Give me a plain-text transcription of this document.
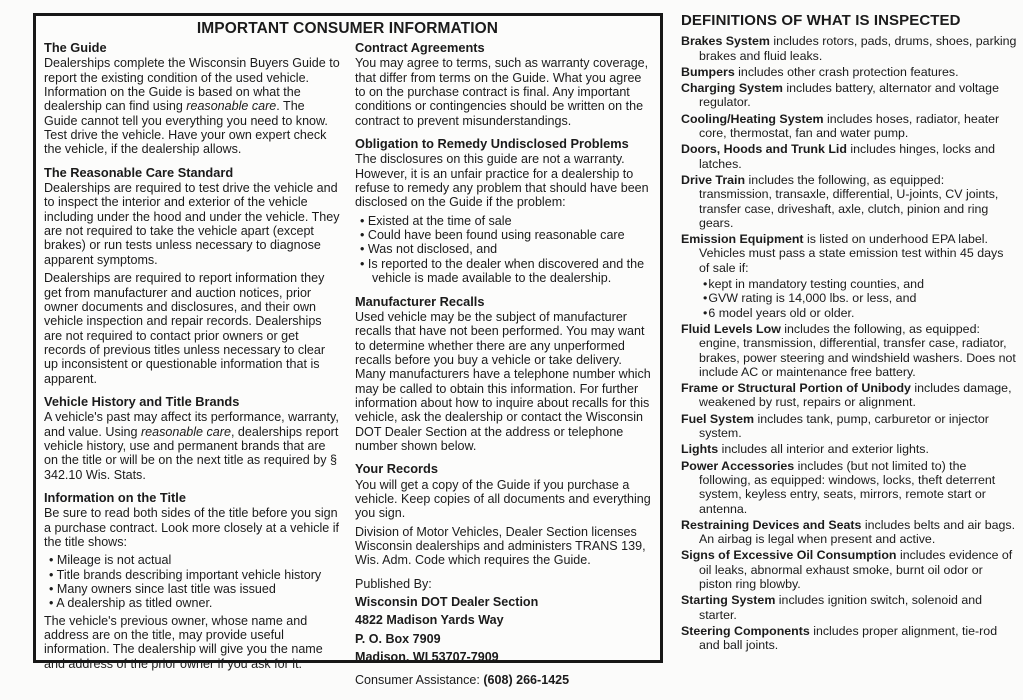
IMPORTANT CONSUMER INFORMATION
The Guide

Dealerships complete the Wisconsin Buyers Guide to report the existing condition of the used vehicle. Information on the Guide is based on what the dealership can find using reasonable care. The Guide cannot tell you everything you need to know. Test drive the vehicle. Have your own expert check the vehicle, if the dealership allows.

The Reasonable Care Standard

Dealerships are required to test drive the vehicle and to inspect the interior and exterior of the vehicle including under the hood and under the vehicle. They are not required to take the vehicle apart (except brakes) or run tests unless necessary to diagnose apparent symptoms.

Dealerships are required to report information they get from manufacturer and auction notices, prior owner documents and disclosures, and their own vehicle inspection and repair records. Dealerships are not required to contact prior owners or get records of previous titles unless necessary to clear up inconsistent or questionable information that is apparent.

Vehicle History and Title Brands

A vehicle's past may affect its performance, warranty, and value. Using reasonable care, dealerships report vehicle history, use and permanent brands that are on the title or will be on the next title as required by § 342.10 Wis. Stats.

Information on the Title

Be sure to read both sides of the title before you sign a purchase contract. Look more closely at a vehicle if the title shows:

• Mileage is not actual
• Title brands describing important vehicle history
• Many owners since last title was issued
• A dealership as titled owner.

The vehicle's previous owner, whose name and address are on the title, may provide useful information. The dealership will give you the name and address of the prior owner if you ask for it.

Contract Agreements

You may agree to terms, such as warranty coverage, that differ from terms on the Guide. What you agree to on the purchase contract is final. Any important conditions or contingencies should be written on the contract to prevent misunderstandings.

Obligation to Remedy Undisclosed Problems

The disclosures on this guide are not a warranty. However, it is an unfair practice for a dealership to refuse to remedy any problem that should have been disclosed on the Guide if the problem:

• Existed at the time of sale
• Could have been found using reasonable care
• Was not disclosed, and
• Is reported to the dealer when discovered and the vehicle is made available to the dealership.
Manufacturer Recalls

Used vehicle may be the subject of manufacturer recalls that have not been performed. You may want to determine whether there are any unperformed recalls before you buy a vehicle or take delivery. Many manufacturers have a telephone number which may be called to obtain this information. For further information about how to inquire about recalls for this vehicle, ask the dealership or contact the Wisconsin DOT Dealer Section at the address or telephone number shown below.

Your Records

You will get a copy of the Guide if you purchase a vehicle. Keep copies of all documents and everything you sign.

Division of Motor Vehicles, Dealer Section licenses Wisconsin dealerships and administers TRANS 139, Wis. Adm. Code which requires the Guide.

Published By:

Wisconsin DOT Dealer Section

4822 Madison Yards Way

P. O. Box 7909

Madison, WI 53707-7909

Consumer Assistance: (608) 266-1425

DEFINITIONS OF WHAT IS INSPECTED

Brakes System includes rotors, pads, drums, shoes, parking brakes and fluid leaks.

Bumpers includes other crash protection features.

Charging System includes battery, alternator and voltage regulator.

Cooling/Heating System includes hoses, radiator, heater core, thermostat, fan and water pump.

Doors, Hoods and Trunk Lid includes hinges, locks and latches.

Drive Train includes the following, as equipped: transmission, transaxle, differential, U-joints, CV joints, transfer case, driveshaft, axle, clutch, pinion and ring gears.

Emission Equipment is listed on underhood EPA label. Vehicles must pass a state emission test within 45 days of sale if:

• kept in mandatory testing counties, and
• GVW rating is 14,000 lbs. or less, and
• 6 model years old or older.

Fluid Levels Low includes the following, as equipped: engine, transmission, differential, transfer case, radiator, brakes, power steering and windshield washers. Does not include AC or maintenance free battery.

Frame or Structural Portion of Unibody includes damage, weakened by rust, repairs or alignment.

Fuel System includes tank, pump, carburetor or injector system.

Lights includes all interior and exterior lights.

Power Accessories includes (but not limited to) the following, as equipped: windows, locks, theft deterrent system, keyless entry, seats, mirrors, remote start or antenna.

Restraining Devices and Seats includes belts and air bags. An airbag is legal when present and active.

Signs of Excessive Oil Consumption includes evidence of oil leaks, abnormal exhaust smoke, burnt oil odor or piston ring blowby.

Starting System includes ignition switch, solenoid and starter.

Steering Components includes proper alignment, tie-rod and ball joints.
